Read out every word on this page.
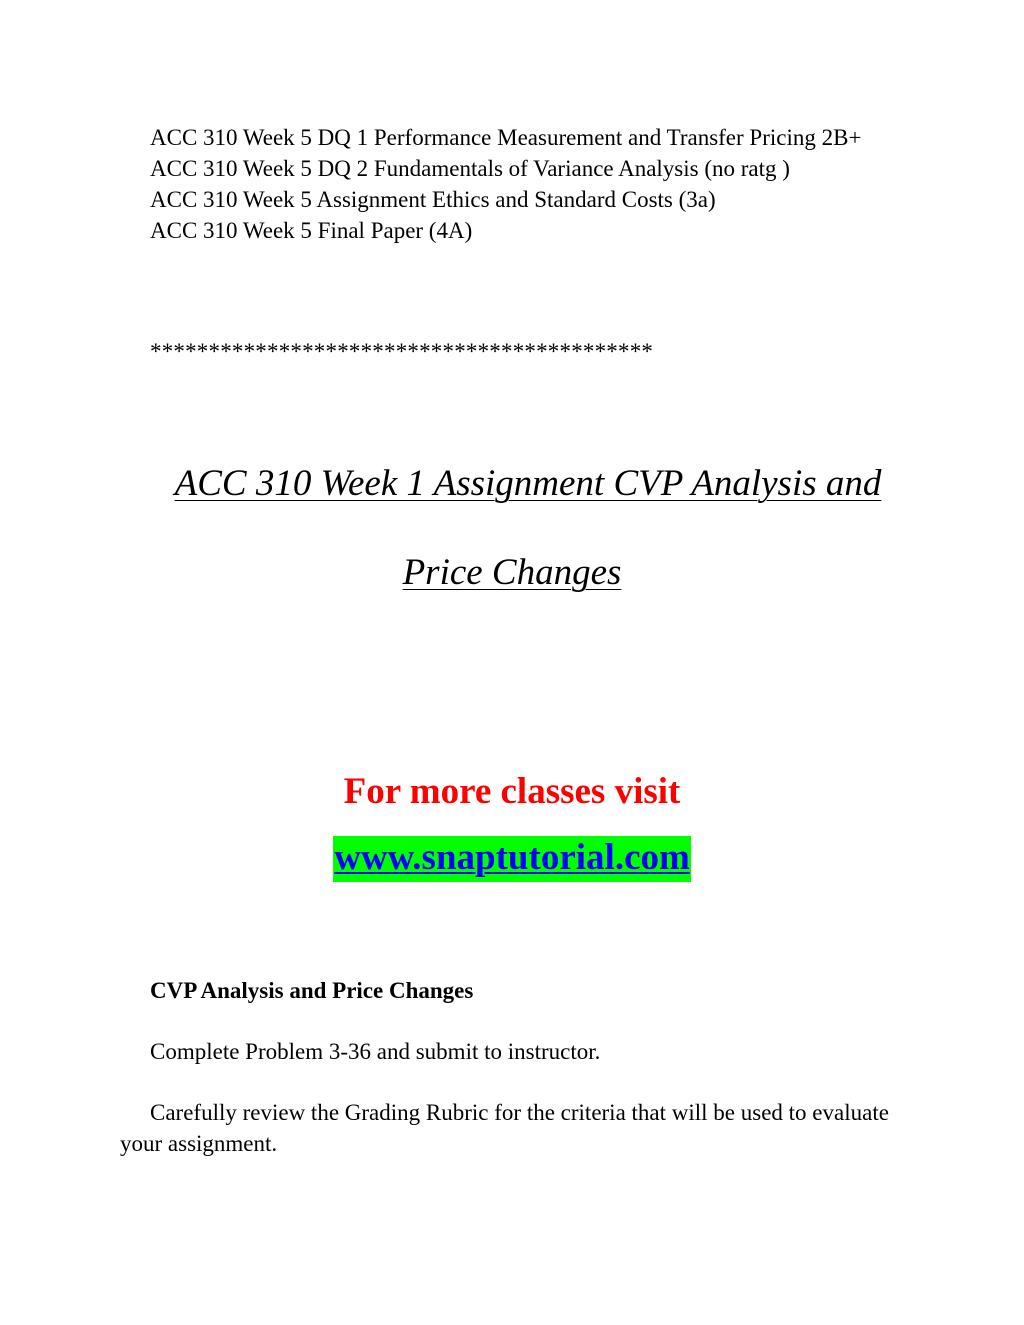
ACC 310 Week 5 DQ 1 Performance Measurement and Transfer Pricing 2B+

ACC 310 Week 5 DQ 2 Fundamentals of Variance Analysis (no ratg )

ACC 310 Week 5 Assignment Ethics and Standard Costs (3a)

ACC 310 Week 5 Final Paper (4A)

*******************************************
ACC 310 Week 1 Assignment CVP Analysis and
Price Changes
For more classes visit
www.snaptutorial.com

CVP Analysis and Price Changes

Complete Problem 3-36 and submit to instructor.

Carefully review the Grading Rubric for the criteria that will be used to evaluate your assignment.
